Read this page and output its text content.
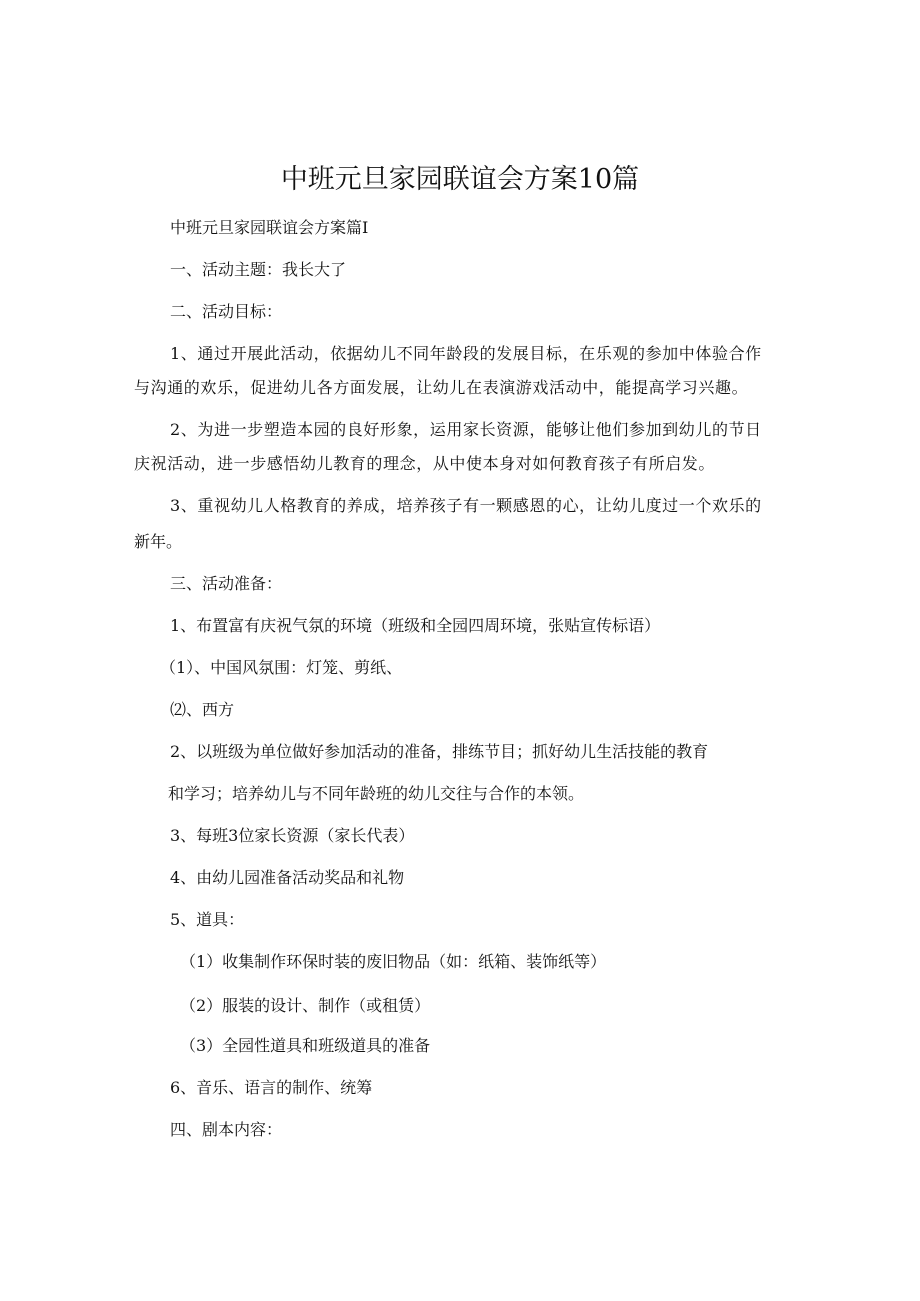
中班元旦家园联谊会方案10篇
中班元旦家园联谊会方案篇I
一、活动主题：我长大了
二、活动目标：
1、通过开展此活动，依据幼儿不同年龄段的发展目标，在乐观的参加中体验合作
与沟通的欢乐，促进幼儿各方面发展，让幼儿在表演游戏活动中，能提高学习兴趣。
2、为进一步塑造本园的良好形象，运用家长资源，能够让他们参加到幼儿的节日
庆祝活动，进一步感悟幼儿教育的理念，从中使本身对如何教育孩子有所启发。
3、重视幼儿人格教育的养成，培养孩子有一颗感恩的心，让幼儿度过一个欢乐的
新年。
三、活动准备：
1、布置富有庆祝气氛的环境（班级和全园四周环境，张贴宣传标语）
（1）、中国风氛围：灯笼、剪纸、
⑵、西方
2、以班级为单位做好参加活动的准备，排练节目；抓好幼儿生活技能的教育
和学习；培养幼儿与不同年龄班的幼儿交往与合作的本领。
3、每班3位家长资源（家长代表）
4、由幼儿园准备活动奖品和礼物
5、道具：
（1）收集制作环保时装的废旧物品（如：纸箱、装饰纸等）
（2）服装的设计、制作（或租赁）
（3）全园性道具和班级道具的准备
6、音乐、语言的制作、统筹
四、剧本内容：
